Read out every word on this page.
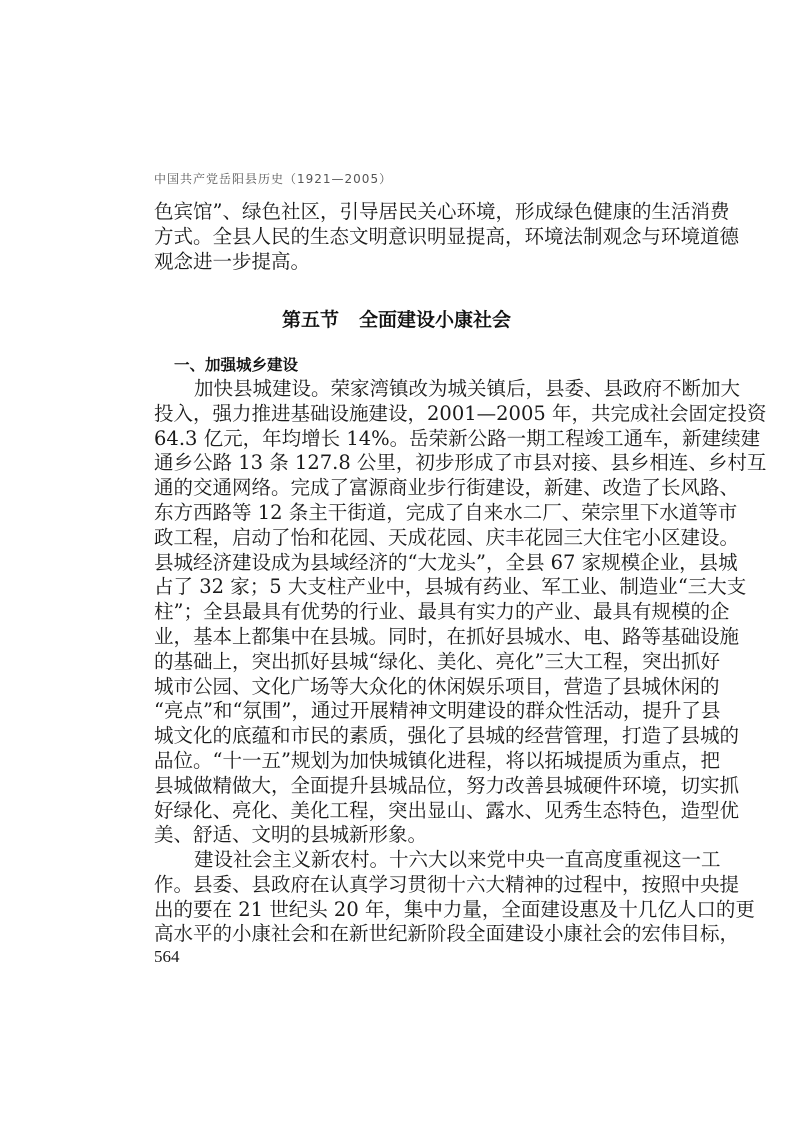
中国共产党岳阳县历史（1921—2005）
色宾馆”、绿色社区，引导居民关心环境，形成绿色健康的生活消费
方式。全县人民的生态文明意识明显提高，环境法制观念与环境道德
观念进一步提高。
第五节 全面建设小康社会
一、加强城乡建设
加快县城建设。荣家湾镇改为城关镇后，县委、县政府不断加大
投入，强力推进基础设施建设，2001—2005 年，共完成社会固定投资
64.3 亿元，年均增长 14%。岳荣新公路一期工程竣工通车，新建续建
通乡公路 13 条 127.8 公里，初步形成了市县对接、县乡相连、乡村互
通的交通网络。完成了富源商业步行街建设，新建、改造了长风路、
东方西路等 12 条主干街道，完成了自来水二厂、荣宗里下水道等市
政工程，启动了怡和花园、天成花园、庆丰花园三大住宅小区建设。
县城经济建设成为县域经济的“大龙头”，全县 67 家规模企业，县城
占了 32 家；5 大支柱产业中，县城有药业、军工业、制造业“三大支
柱”；全县最具有优势的行业、最具有实力的产业、最具有规模的企
业，基本上都集中在县城。同时，在抓好县城水、电、路等基础设施
的基础上，突出抓好县城“绿化、美化、亮化”三大工程，突出抓好
城市公园、文化广场等大众化的休闲娱乐项目，营造了县城休闲的
“亮点”和“氛围”，通过开展精神文明建设的群众性活动，提升了县
城文化的底蕴和市民的素质，强化了县城的经营管理，打造了县城的
品位。“十一五”规划为加快城镇化进程，将以拓城提质为重点，把
县城做精做大，全面提升县城品位，努力改善县城硬件环境，切实抓
好绿化、亮化、美化工程，突出显山、露水、见秀生态特色，造型优
美、舒适、文明的县城新形象。
建设社会主义新农村。十六大以来党中央一直高度重视这一工
作。县委、县政府在认真学习贯彻十六大精神的过程中，按照中央提
出的要在 21 世纪头 20 年，集中力量，全面建设惠及十几亿人口的更
高水平的小康社会和在新世纪新阶段全面建设小康社会的宏伟目标，
564
